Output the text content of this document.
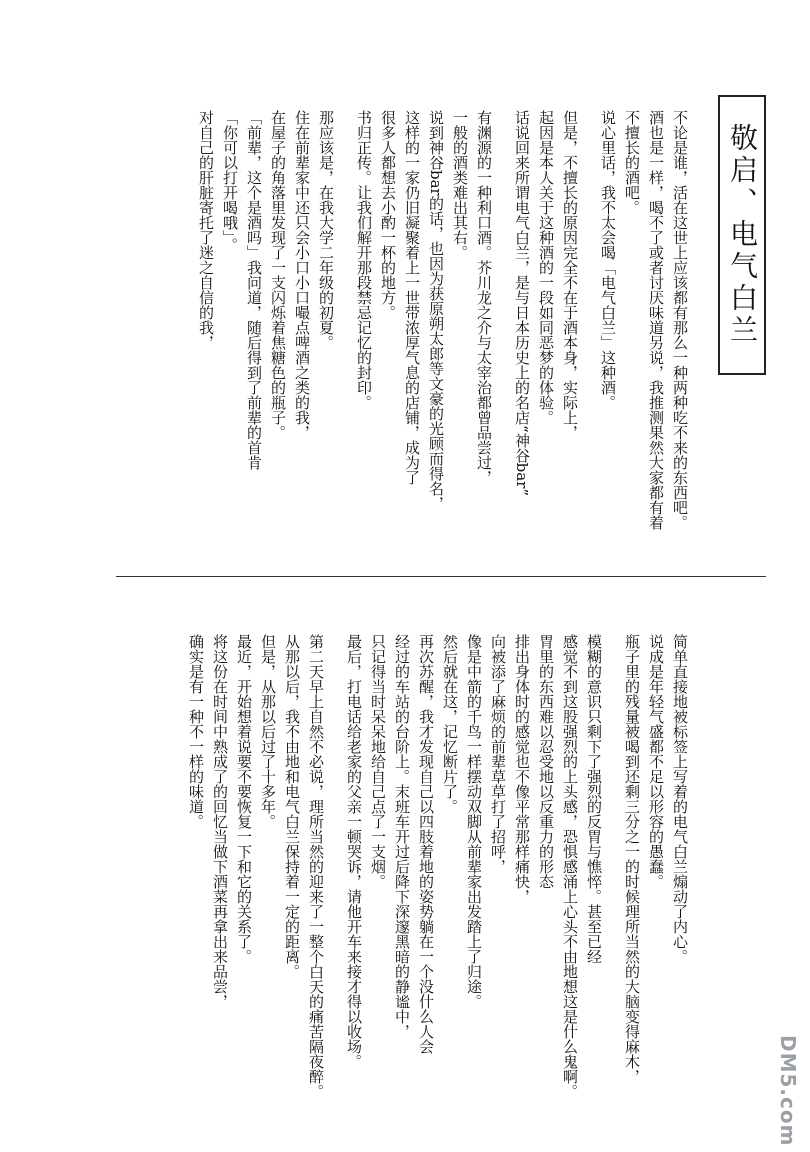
敬启、电气白兰

不论是谁，活在这世上应该都有那么一种两种吃不来的东西吧。

酒也是一样，喝不了或者讨厌味道另说，我推测果然大家都有着

不擅长的酒吧。

说心里话，我不太会喝「电气白兰」这种酒。

但是，不擅长的原因完全不在于酒本身，实际上，

起因是本人关于这种酒的一段如同恶梦的体验。

话说回来所谓电气白兰，是与日本历史上的名店“神谷bar”

有渊源的一种利口酒。芥川龙之介与太宰治都曾品尝过，

一般的酒类难出其右。

说到神谷bar的话，也因为获原朔太郎等文豪的光顾而得名，

这样的一家仍旧凝聚着上一世带浓厚气息的店铺，成为了

很多人都想去小酌一杯的地方。

书归正传。让我们解开那段禁忌记忆的封印。

那应该是，在我大学二年级的初夏。

住在前辈家中还只会小口小口嘬点啤酒之类的我，

在屋子的角落里发现了一支闪烁着焦糖色的瓶子。

「前辈，这个是酒吗」我问道，随后得到了前辈的首肯

「你可以打开喝哦」。

对自己的肝脏寄托了迷之自信的我，

简单直接地被标签上写着的电气白兰煽动了内心。

说成是年轻气盛都不足以形容的愚蠢。

瓶子里的残量被喝到还剩三分之一的时候理所当然的大脑变得麻木，

模糊的意识只剩下了强烈的反胃与憔悴。甚至已经

感觉不到这股强烈的上头感，恐惧感涌上心头不由地想这是什么鬼啊。

胃里的东西难以忍受地以反重力的形态

排出身体时的感觉也不像平常那样痛快，

向被添了麻烦的前辈草草打了招呼，

像是中箭的千鸟一样摆动双脚从前辈家出发踏上了归途。

然后就在这，记忆断片了。

再次苏醒，我才发现自己以四肢着地的姿势躺在一个没什么人会

经过的车站的台阶上。末班车开过后降下深邃黑暗的静谧中，

只记得当时呆呆地给自己点了一支烟。

最后，打电话给老家的父亲一顿哭诉，请他开车来接才得以收场。

第二天早上自然不必说，理所当然的迎来了一整个白天的痛苦隔夜醉。

从那以后，我不由地和电气白兰保持着一定的距离。

但是，从那以后过了十多年。

最近，开始想着说要不要恢复一下和它的关系了。

将这份在时间中熟成了的回忆当做下酒菜再拿出来品尝，

确实是有一种不一样的味道。

DM5.com
